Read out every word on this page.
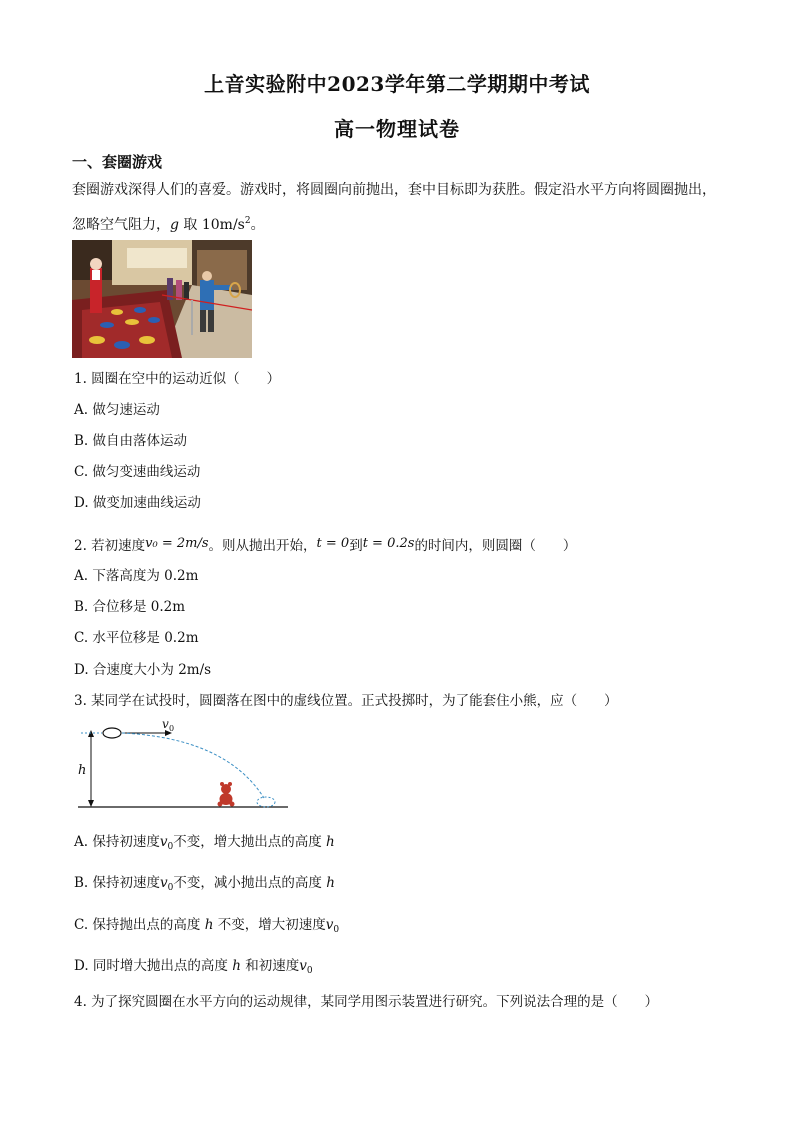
上音实验附中2023学年第二学期期中考试
高一物理试卷
一、套圈游戏
套圈游戏深得人们的喜爱。游戏时，将圆圈向前抛出，套中目标即为获胜。假定沿水平方向将圆圈抛出，
忽略空气阻力，g 取 $10m/s^2$。
1. 圆圈在空中的运动近似（　　）
A. 做匀速运动
B. 做自由落体运动
C. 做匀变速曲线运动
D. 做变加速曲线运动
2. 若初速度v₀ = 2m/s。则从抛出开始，t = 0到t = 0.2s的时间内，则圆圈（　　）
A. 下落高度为 0.2m
B. 合位移是 0.2m
C. 水平位移是 0.2m
D. 合速度大小为 2m/s
3. 某同学在试投时，圆圈落在图中的虚线位置。正式投掷时，为了能套住小熊，应（　　）
v 0
h
A. 保持初速度$v_0$不变，增大抛出点的高度 h
B. 保持初速度$v_0$不变，减小抛出点的高度 h
C. 保持抛出点的高度 h 不变，增大初速度$v_0$
D. 同时增大抛出点的高度 h 和初速度$v_0$
4. 为了探究圆圈在水平方向的运动规律，某同学用图示装置进行研究。下列说法合理的是（　　）
